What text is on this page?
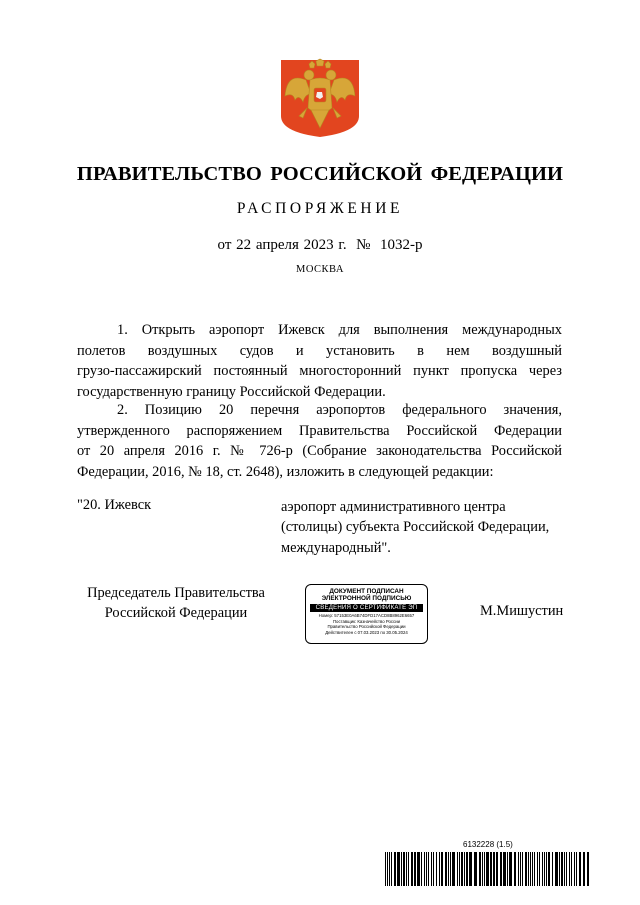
ПРАВИТЕЛЬСТВО РОССИЙСКОЙ ФЕДЕРАЦИИ
РАСПОРЯЖЕНИЕ
от 22 апреля 2023 г.  №  1032-р
МОСКВА
1. Открыть аэропорт Ижевск для выполнения международных
полетов воздушных судов и установить в нем воздушный
грузо-пассажирский постоянный многосторонний пункт пропуска через
государственную границу Российской Федерации.
2. Позицию 20 перечня аэропортов федерального значения,
утвержденного распоряжением Правительства Российской Федерации
от 20 апреля 2016 г. № 726-р (Собрание законодательства Российской
Федерации, 2016, № 18, ст. 2648), изложить в следующей редакции:
"20. Ижевск	аэропорт административного центра
(столицы) субъекта Российской Федерации,
международный".
Председатель Правительства
Российской Федерации
ДОКУМЕНТ ПОДПИСАН
ЭЛЕКТРОННОЙ ПОДПИСЬЮ
СВЕДЕНИЯ О СЕРТИФИКАТЕ ЭП
Номер: 57153E0A6B74DFD17ACD8B8962E6657
Поставщик: Казначейство России
Правительство Российской Федерации
Действителен с 07.03.2023 по 30.05.2024
М.Мишустин
6132228 (1.5)
